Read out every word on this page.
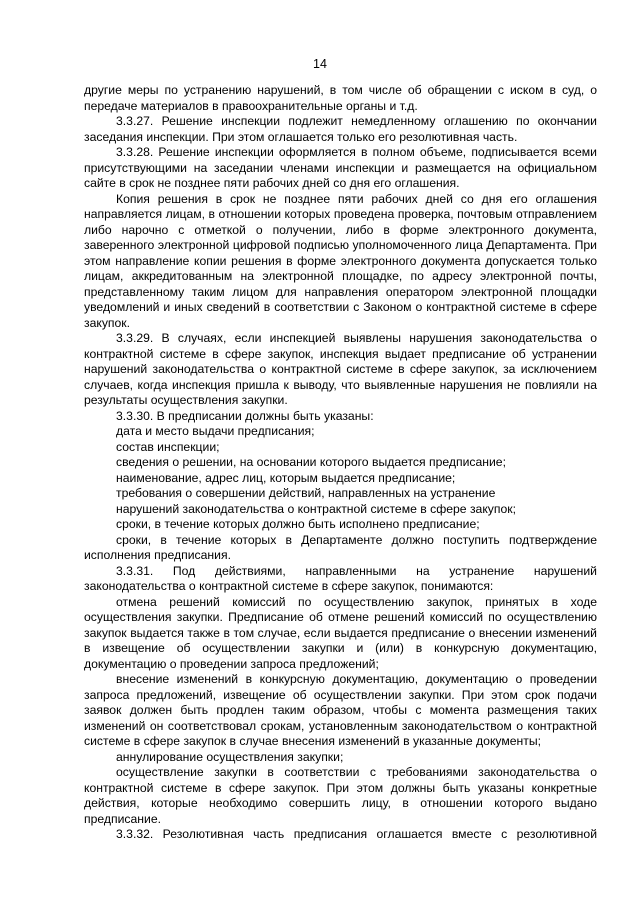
14

другие меры по устранению нарушений, в том числе об обращении с иском в суд, о передаче материалов в правоохранительные органы и т.д.

3.3.27. Решение инспекции подлежит немедленному оглашению по окончании заседания инспекции. При этом оглашается только его резолютивная часть.

3.3.28. Решение инспекции оформляется в полном объеме, подписывается всеми присутствующими на заседании членами инспекции и размещается на официальном сайте в срок не позднее пяти рабочих дней со дня его оглашения.

Копия решения в срок не позднее пяти рабочих дней со дня его оглашения направляется лицам, в отношении которых проведена проверка, почтовым отправлением либо нарочно с отметкой о получении, либо в форме электронного документа, заверенного электронной цифровой подписью уполномоченного лица Департамента. При этом направление копии решения в форме электронного документа допускается только лицам, аккредитованным на электронной площадке, по адресу электронной почты, представленному таким лицом для направления оператором электронной площадки уведомлений и иных сведений в соответствии с Законом о контрактной системе в сфере закупок.

3.3.29. В случаях, если инспекцией выявлены нарушения законодательства о контрактной системе в сфере закупок, инспекция выдает предписание об устранении нарушений законодательства о контрактной системе в сфере закупок, за исключением случаев, когда инспекция пришла к выводу, что выявленные нарушения не повлияли на результаты осуществления закупки.

3.3.30. В предписании должны быть указаны:

дата и место выдачи предписания;

состав инспекции;

сведения о решении, на основании которого выдается предписание;

наименование, адрес лиц, которым выдается предписание;

требования о совершении действий, направленных на устранение

нарушений законодательства о контрактной системе в сфере закупок;

сроки, в течение которых должно быть исполнено предписание;

сроки, в течение которых в Департаменте должно поступить подтверждение исполнения предписания.

3.3.31. Под действиями, направленными на устранение нарушений законодательства о контрактной системе в сфере закупок, понимаются:

отмена решений комиссий по осуществлению закупок, принятых в ходе осуществления закупки. Предписание об отмене решений комиссий по осуществлению закупок выдается также в том случае, если выдается предписание о внесении изменений в извещение об осуществлении закупки и (или) в конкурсную документацию, документацию о проведении запроса предложений;

внесение изменений в конкурсную документацию, документацию о проведении запроса предложений, извещение об осуществлении закупки. При этом срок подачи заявок должен быть продлен таким образом, чтобы с момента размещения таких изменений он соответствовал срокам, установленным законодательством о контрактной системе в сфере закупок в случае внесения изменений в указанные документы;

аннулирование осуществления закупки;

осуществление закупки в соответствии с требованиями законодательства о контрактной системе в сфере закупок. При этом должны быть указаны конкретные действия, которые необходимо совершить лицу, в отношении которого выдано предписание.

3.3.32. Резолютивная часть предписания оглашается вместе с резолютивной
